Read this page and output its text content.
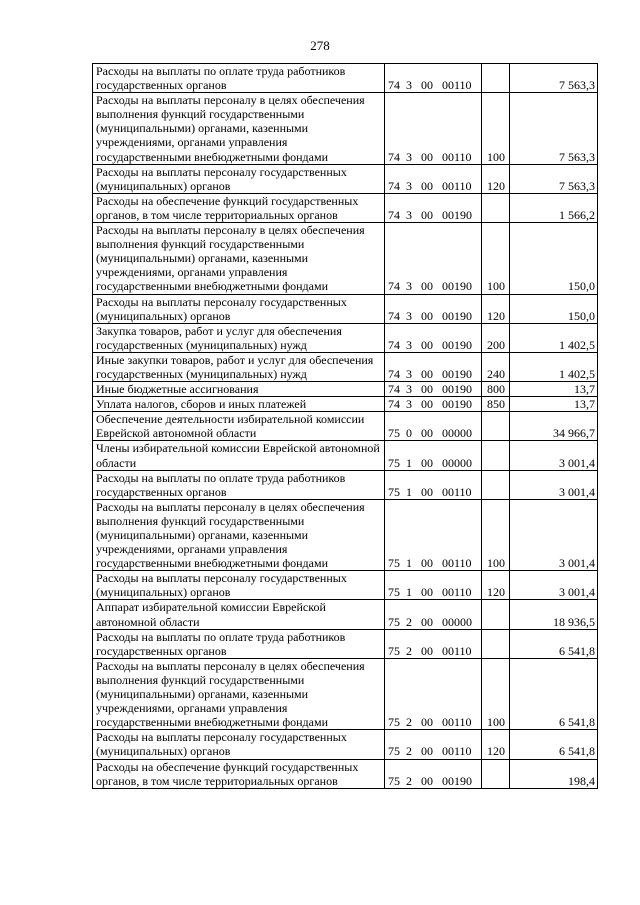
278
Расходы на выплаты по оплате труда работников государственных органов	74  3   00   00110		7 563,3
Расходы на выплаты персоналу в целях обеспечения выполнения функций государственными (муниципальными) органами, казенными учреждениями, органами управления государственными внебюджетными фондами	74  3   00   00110	100	7 563,3
Расходы на выплаты персоналу государственных (муниципальных) органов	74  3   00   00110	120	7 563,3
Расходы на обеспечение функций государственных органов, в том числе территориальных органов	74  3   00   00190		1 566,2
Расходы на выплаты персоналу в целях обеспечения выполнения функций государственными (муниципальными) органами, казенными учреждениями, органами управления государственными внебюджетными фондами	74  3   00   00190	100	150,0
Расходы на выплаты персоналу государственных (муниципальных) органов	74  3   00   00190	120	150,0
Закупка товаров, работ и услуг для обеспечения государственных (муниципальных) нужд	74  3   00   00190	200	1 402,5
Иные закупки товаров, работ и услуг для обеспечения государственных (муниципальных) нужд	74  3   00   00190	240	1 402,5
Иные бюджетные ассигнования	74  3   00   00190	800	13,7
Уплата налогов, сборов и иных платежей	74  3   00   00190	850	13,7
Обеспечение деятельности избирательной комиссии Еврейской автономной области	75  0   00   00000		34 966,7
Члены избирательной комиссии Еврейской автономной области	75  1   00   00000		3 001,4
Расходы на выплаты по оплате труда работников государственных органов	75  1   00   00110		3 001,4
Расходы на выплаты персоналу в целях обеспечения выполнения функций государственными (муниципальными) органами, казенными учреждениями, органами управления государственными внебюджетными фондами	75  1   00   00110	100	3 001,4
Расходы на выплаты персоналу государственных (муниципальных) органов	75  1   00   00110	120	3 001,4
Аппарат избирательной комиссии Еврейской автономной области	75  2   00   00000		18 936,5
Расходы на выплаты по оплате труда работников государственных органов	75  2   00   00110		6 541,8
Расходы на выплаты персоналу в целях обеспечения выполнения функций государственными (муниципальными) органами, казенными учреждениями, органами управления государственными внебюджетными фондами	75  2   00   00110	100	6 541,8
Расходы на выплаты персоналу государственных (муниципальных) органов	75  2   00   00110	120	6 541,8
Расходы на обеспечение функций государственных органов, в том числе территориальных органов	75  2   00   00190		198,4
